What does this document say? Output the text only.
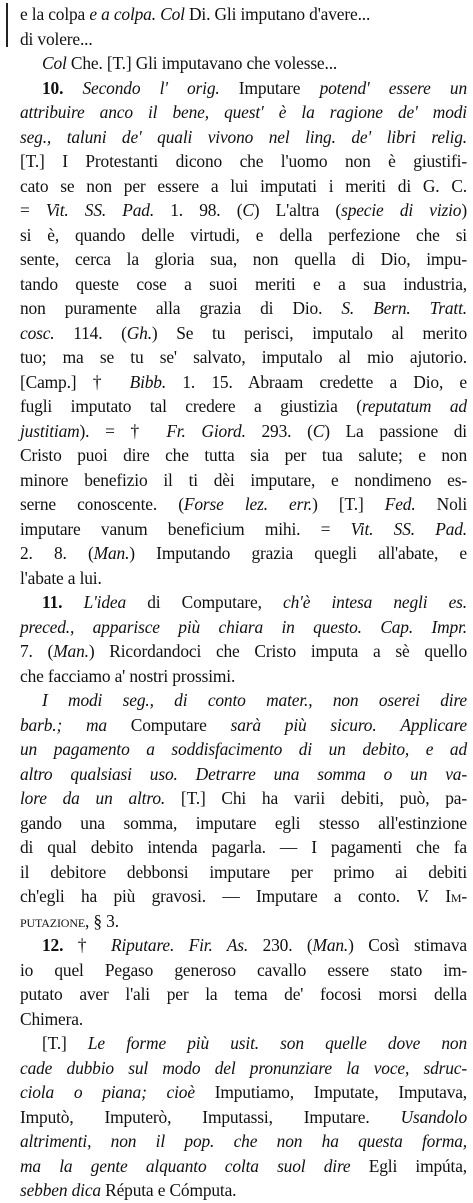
e la colpa e a colpa. Col Di. Gli imputano d'avere...
di volere...
Col Che. [T.] Gli imputavano che volesse...
10. Secondo l' orig. Imputare potend' essere un
attribuire anco il bene, quest' è la ragione de' modi
seg., taluni de' quali vivono nel ling. de' libri relig.
[T.] I Protestanti dicono che l'uomo non è giustifi-
cato se non per essere a lui imputati i meriti di G. C.
= Vit. SS. Pad. 1. 98. (C) L'altra (specie di vizio)
si è, quando delle virtudi, e della perfezione che si
sente, cerca la gloria sua, non quella di Dio, impu-
tando queste cose a suoi meriti e a sua industria,
non puramente alla grazia di Dio. S. Bern. Tratt.
cosc. 114. (Gh.) Se tu perisci, imputalo al merito
tuo; ma se tu se' salvato, imputalo al mio ajutorio.
[Camp.] † Bibb. 1. 15. Abraam credette a Dio, e
fugli imputato tal credere a giustizia (reputatum ad
justitiam). = † Fr. Giord. 293. (C) La passione di
Cristo puoi dire che tutta sia per tua salute; e non
minore benefizio il ti dèi imputare, e nondimeno es-
serne conoscente. (Forse lez. err.) [T.] Fed. Noli
imputare vanum beneficium mihi. = Vit. SS. Pad.
2. 8. (Man.) Imputando grazia quegli all'abate, e
l'abate a lui.
11. L'idea di Computare, ch'è intesa negli es.
preced., apparisce più chiara in questo. Cap. Impr.
7. (Man.) Ricordandoci che Cristo imputa a sè quello
che facciamo a' nostri prossimi.
I modi seg., di conto mater., non oserei dire
barb.; ma Computare sarà più sicuro. Applicare
un pagamento a soddisfacimento di un debito, e ad
altro qualsiasi uso. Detrarre una somma o un va-
lore da un altro. [T.] Chi ha varii debiti, può, pa-
gando una somma, imputare egli stesso all'estinzione
di qual debito intenda pagarla. — I pagamenti che fa
il debitore debbonsi imputare per primo ai debiti
ch'egli ha più gravosi. — Imputare a conto. V. Im-
putazione, § 3.
12. † Riputare. Fir. As. 230. (Man.) Così stimava
io quel Pegaso generoso cavallo essere stato im-
putato aver l'ali per la tema de' focosi morsi della
Chimera.
[T.] Le forme più usit. son quelle dove non
cade dubbio sul modo del pronunziare la voce, sdruc-
ciola o piana; cioè Imputiamo, Imputate, Imputava,
Imputò, Imputerò, Imputassi, Imputare. Usandolo
altrimenti, non il pop. che non ha questa forma,
ma la gente alquanto colta suol dire Egli impúta,
sebben dica Réputa e Cómputa.
